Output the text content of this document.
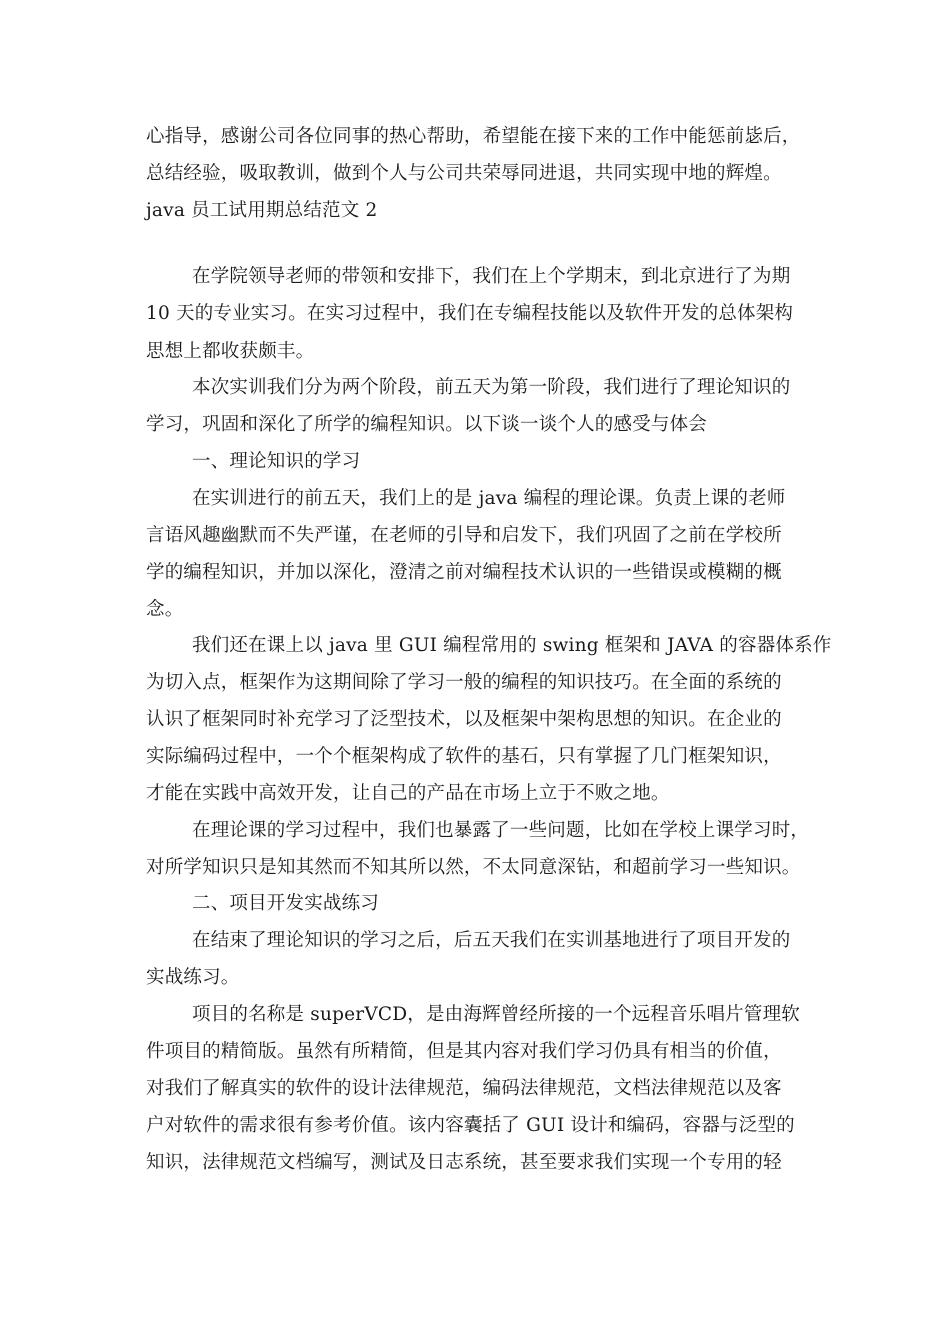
心指导，感谢公司各位同事的热心帮助，希望能在接下来的工作中能惩前毖后，
总结经验，吸取教训，做到个人与公司共荣辱同进退，共同实现中地的辉煌。
java 员工试用期总结范文 2
在学院领导老师的带领和安排下，我们在上个学期末，到北京进行了为期
10 天的专业实习。在实习过程中，我们在专编程技能以及软件开发的总体架构
思想上都收获颇丰。
本次实训我们分为两个阶段，前五天为第一阶段，我们进行了理论知识的
学习，巩固和深化了所学的编程知识。以下谈一谈个人的感受与体会
一、理论知识的学习
在实训进行的前五天，我们上的是 java 编程的理论课。负责上课的老师
言语风趣幽默而不失严谨，在老师的引导和启发下，我们巩固了之前在学校所
学的编程知识，并加以深化，澄清之前对编程技术认识的一些错误或模糊的概
念。
我们还在课上以 java 里 GUI 编程常用的 swing 框架和 JAVA 的容器体系作
为切入点，框架作为这期间除了学习一般的编程的知识技巧。在全面的系统的
认识了框架同时补充学习了泛型技术，以及框架中架构思想的知识。在企业的
实际编码过程中，一个个框架构成了软件的基石，只有掌握了几门框架知识，
才能在实践中高效开发，让自己的产品在市场上立于不败之地。
在理论课的学习过程中，我们也暴露了一些问题，比如在学校上课学习时，
对所学知识只是知其然而不知其所以然，不太同意深钻，和超前学习一些知识。
二、项目开发实战练习
在结束了理论知识的学习之后，后五天我们在实训基地进行了项目开发的
实战练习。
项目的名称是 superVCD，是由海辉曾经所接的一个远程音乐唱片管理软
件项目的精简版。虽然有所精简，但是其内容对我们学习仍具有相当的价值，
对我们了解真实的软件的设计法律规范，编码法律规范，文档法律规范以及客
户对软件的需求很有参考价值。该内容囊括了 GUI 设计和编码，容器与泛型的
知识，法律规范文档编写，测试及日志系统，甚至要求我们实现一个专用的轻
